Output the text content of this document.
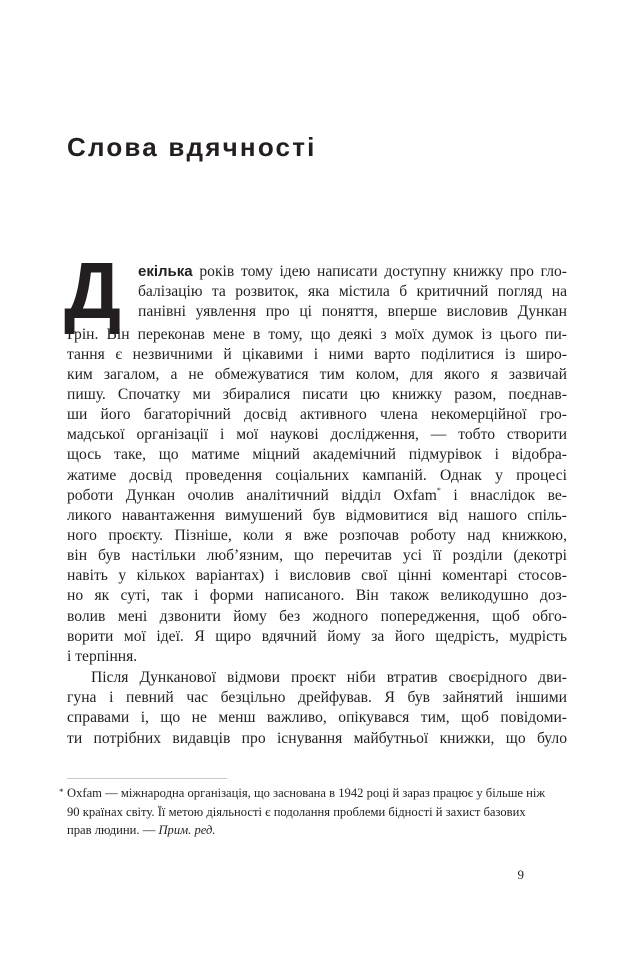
Слова вдячності
Д екілька років тому ідею написати доступну книжку про гло-
балізацію та розвиток, яка містила б критичний погляд на
панівні уявлення про ці поняття, вперше висловив Дункан
Ґрін. Він переконав мене в тому, що деякі з моїх думок із цього пи-
тання є незвичними й цікавими і ними варто поділитися із широ-
ким загалом, а не обмежуватися тим колом, для якого я зазвичай
пишу. Спочатку ми збиралися писати цю книжку разом, поєднав-
ши його багаторічний досвід активного члена некомерційної гро-
мадської організації і мої наукові дослідження, — тобто створити
щось таке, що матиме міцний академічний підмурівок і відобра-
жатиме досвід проведення соціальних кампаній. Однак у процесі
роботи Дункан очолив аналітичний відділ Oxfam* і внаслідок ве-
ликого навантаження вимушений був відмовитися від нашого спіль-
ного проєкту. Пізніше, коли я вже розпочав роботу над книжкою,
він був настільки люб’язним, що перечитав усі її розділи (декотрі
навіть у кількох варіантах) і висловив свої цінні коментарі стосов-
но як суті, так і форми написаного. Він також великодушно доз-
волив мені дзвонити йому без жодного попередження, щоб обго-
ворити мої ідеї. Я щиро вдячний йому за його щедрість, мудрість
і терпіння.
Після Дунканової відмови проєкт ніби втратив своєрідного дви-
гуна і певний час безцільно дрейфував. Я був зайнятий іншими
справами і, що не менш важливо, опікувався тим, щоб повідоми-
ти потрібних видавців про існування майбутньої книжки, що було
* Oxfam — міжнародна організація, що заснована в 1942 році й зараз працює у більше ніж
90 країнах світу. Її метою діяльності є подолання проблеми бідності й захист базових
прав людини. — Прим. ред.
9
